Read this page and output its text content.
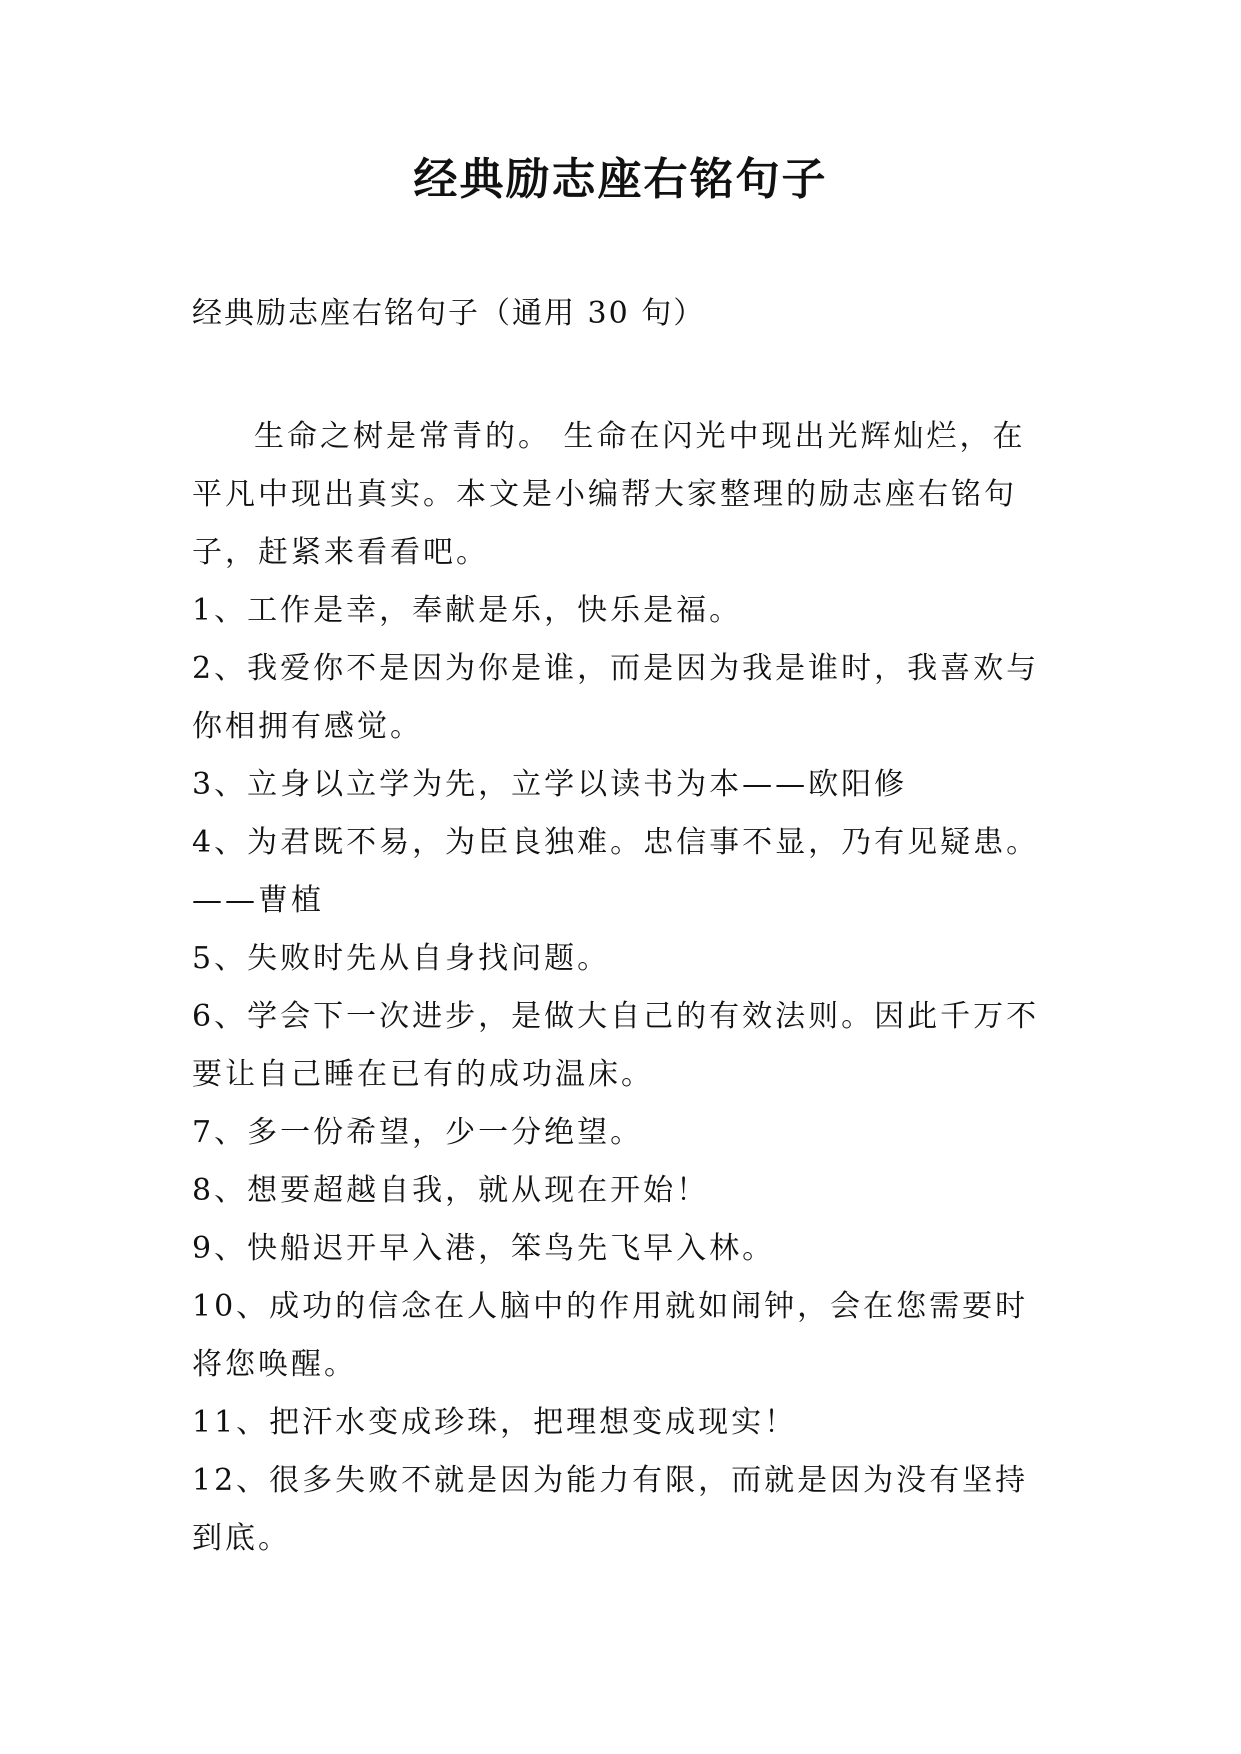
经典励志座右铭句子

经典励志座右铭句子（通用 30 句）

生命之树是常青的。 生命在闪光中现出光辉灿烂，在平凡中现出真实。本文是小编帮大家整理的励志座右铭句子，赶紧来看看吧。

1、工作是幸，奉献是乐，快乐是福。

2、我爱你不是因为你是谁，而是因为我是谁时，我喜欢与你相拥有感觉。

3、立身以立学为先，立学以读书为本——欧阳修

4、为君既不易，为臣良独难。忠信事不显，乃有见疑患。——曹植

5、失败时先从自身找问题。

6、学会下一次进步，是做大自己的有效法则。因此千万不要让自己睡在已有的成功温床。

7、多一份希望，少一分绝望。

8、想要超越自我，就从现在开始！

9、快船迟开早入港，笨鸟先飞早入林。

10、成功的信念在人脑中的作用就如闹钟，会在您需要时将您唤醒。

11、把汗水变成珍珠，把理想变成现实！

12、很多失败不就是因为能力有限，而就是因为没有坚持到底。
